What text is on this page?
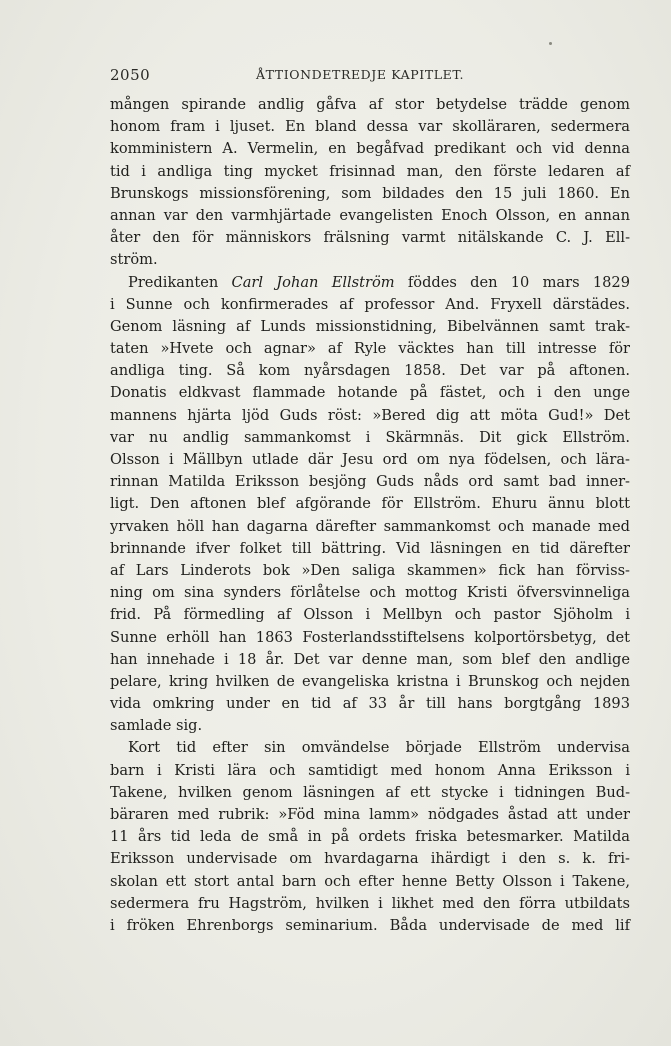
2050	ÅTTIONDETREDJE KAPITLET.
mången spirande andlig gåfva af stor betydelse trädde genom
honom fram i ljuset. En bland dessa var skolläraren, sedermera
komministern A. Vermelin, en begåfvad predikant och vid denna
tid i andliga ting mycket frisinnad man, den förste ledaren af
Brunskogs missionsförening, som bildades den 15 juli 1860. En
annan var den varmhjärtade evangelisten Enoch Olsson, en annan
åter den för människors frälsning varmt nitälskande C. J. Ell-
ström.
Predikanten Carl Johan Ellström föddes den 10 mars 1829
i Sunne och konfirmerades af professor And. Fryxell därstädes.
Genom läsning af Lunds missionstidning, Bibelvännen samt trak-
taten »Hvete och agnar» af Ryle väcktes han till intresse för
andliga ting. Så kom nyårsdagen 1858. Det var på aftonen.
Donatis eldkvast flammade hotande på fästet, och i den unge
mannens hjärta ljöd Guds röst: »Bered dig att möta Gud!» Det
var nu andlig sammankomst i Skärmnäs. Dit gick Ellström.
Olsson i Mällbyn utlade där Jesu ord om nya födelsen, och lära-
rinnan Matilda Eriksson besjöng Guds nåds ord samt bad inner-
ligt. Den aftonen blef afgörande för Ellström. Ehuru ännu blott
yrvaken höll han dagarna därefter sammankomst och manade med
brinnande ifver folket till bättring. Vid läsningen en tid därefter
af Lars Linderots bok »Den saliga skammen» fick han förviss-
ning om sina synders förlåtelse och mottog Kristi öfversvinneliga
frid. På förmedling af Olsson i Mellbyn och pastor Sjöholm i
Sunne erhöll han 1863 Fosterlandsstiftelsens kolportörsbetyg, det
han innehade i 18 år. Det var denne man, som blef den andlige
pelare, kring hvilken de evangeliska kristna i Brunskog och nejden
vida omkring under en tid af 33 år till hans borgtgång 1893
samlade sig.
Kort tid efter sin omvändelse började Ellström undervisa
barn i Kristi lära och samtidigt med honom Anna Eriksson i
Takene, hvilken genom läsningen af ett stycke i tidningen Bud-
bäraren med rubrik: »Föd mina lamm» nödgades åstad att under
11 års tid leda de små in på ordets friska betesmarker. Matilda
Eriksson undervisade om hvardagarna ihärdigt i den s. k. fri-
skolan ett stort antal barn och efter henne Betty Olsson i Takene,
sedermera fru Hagström, hvilken i likhet med den förra utbildats
i fröken Ehrenborgs seminarium. Båda undervisade de med lif
